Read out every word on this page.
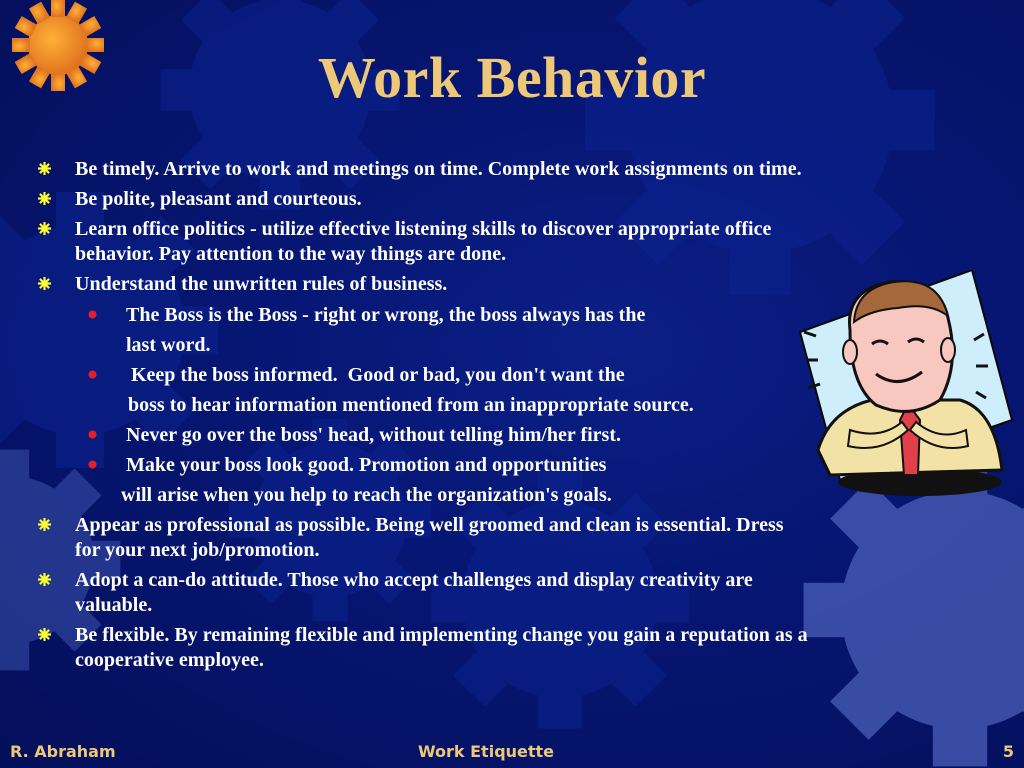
Work Behavior
Be timely. Arrive to work and meetings on time. Complete work assignments on time.
Be polite, pleasant and courteous.
Learn office politics - utilize effective listening skills to discover appropriate office
behavior. Pay attention to the way things are done.
Understand the unwritten rules of business.
The Boss is the Boss - right or wrong, the boss always has the
last word.
Keep the boss informed.  Good or bad, you don't want the
boss to hear information mentioned from an inappropriate source.
Never go over the boss' head, without telling him/her first.
Make your boss look good. Promotion and opportunities
will arise when you help to reach the organization's goals.
Appear as professional as possible. Being well groomed and clean is essential. Dress
for your next job/promotion.
Adopt a can-do attitude. Those who accept challenges and display creativity are
valuable.
Be flexible. By remaining flexible and implementing change you gain a reputation as a
cooperative employee.
R. Abraham	Work Etiquette	5
